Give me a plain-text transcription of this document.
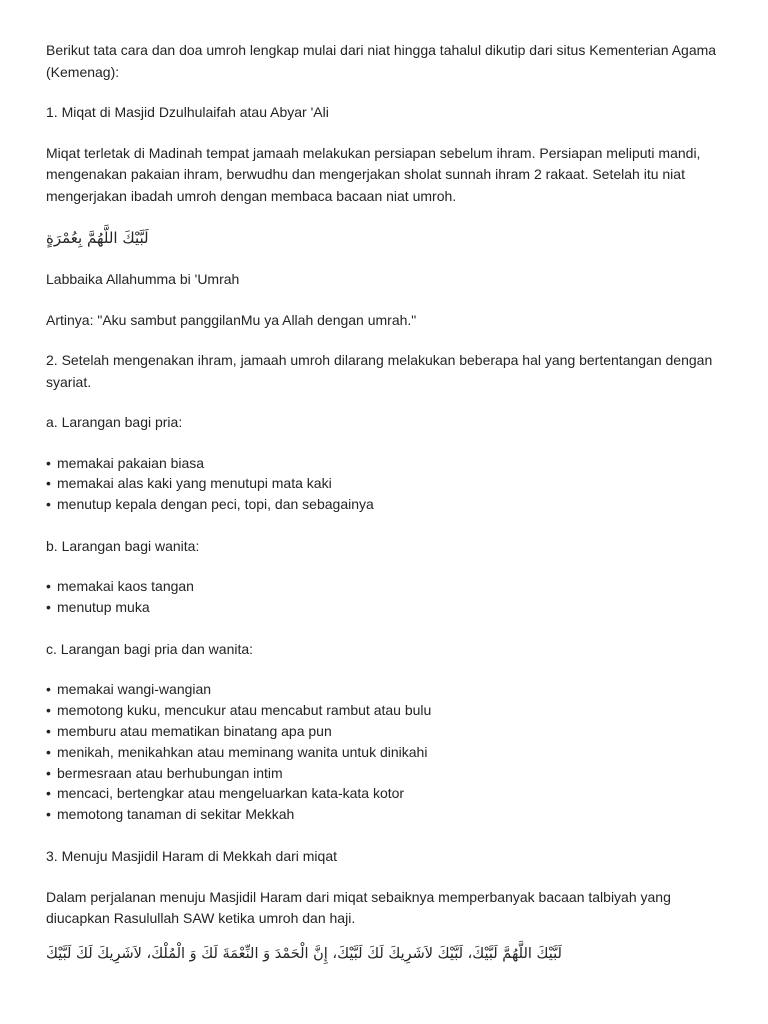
Berikut tata cara dan doa umroh lengkap mulai dari niat hingga tahalul dikutip dari situs Kementerian Agama (Kemenag):

1. Miqat di Masjid Dzulhulaifah atau Abyar 'Ali

Miqat terletak di Madinah tempat jamaah melakukan persiapan sebelum ihram. Persiapan meliputi mandi, mengenakan pakaian ihram, berwudhu dan mengerjakan sholat sunnah ihram 2 rakaat. Setelah itu niat mengerjakan ibadah umroh dengan membaca bacaan niat umroh.

لَبَّيْكَ اللَّهُمَّ بِعُمْرَةٍ

Labbaika Allahumma bi 'Umrah

Artinya: "Aku sambut panggilanMu ya Allah dengan umrah."

2. Setelah mengenakan ihram, jamaah umroh dilarang melakukan beberapa hal yang bertentangan dengan syariat.

a. Larangan bagi pria:

• memakai pakaian biasa
• memakai alas kaki yang menutupi mata kaki
• menutup kepala dengan peci, topi, dan sebagainya

b. Larangan bagi wanita:

• memakai kaos tangan
• menutup muka

c. Larangan bagi pria dan wanita:

• memakai wangi-wangian
• memotong kuku, mencukur atau mencabut rambut atau bulu
• memburu atau mematikan binatang apa pun
• menikah, menikahkan atau meminang wanita untuk dinikahi
• bermesraan atau berhubungan intim
• mencaci, bertengkar atau mengeluarkan kata-kata kotor
• memotong tanaman di sekitar Mekkah

3. Menuju Masjidil Haram di Mekkah dari miqat

Dalam perjalanan menuju Masjidil Haram dari miqat sebaiknya memperbanyak bacaan talbiyah yang diucapkan Rasulullah SAW ketika umroh dan haji.

لَبَّيْكَ اللَّهُمَّ لَبَّيْكَ، لَبَّيْكَ لاَشَرِيكَ لَكَ لَبَّيْكَ، إِنَّ الْحَمْدَ وَ النِّعْمَةَ لَكَ وَ الْمُلْكَ، لاَشَرِيكَ لَكَ لَبَّيْكَ
